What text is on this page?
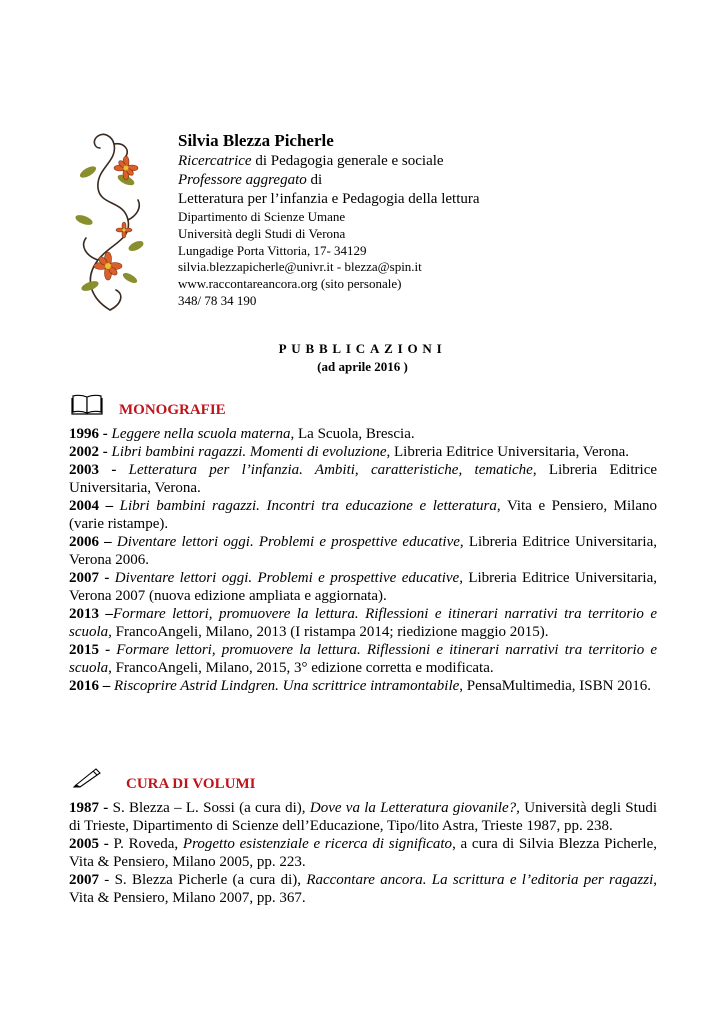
Silvia Blezza Picherle
Ricercatrice di Pedagogia generale e sociale
Professore aggregato di
Letteratura per l’infanzia e Pedagogia della lettura
Dipartimento di Scienze Umane
Università degli Studi di Verona
Lungadige Porta Vittoria, 17- 34129
silvia.blezzapicherle@univr.it - blezza@spin.it
www.raccontareancora.org (sito personale)
348/ 78 34 190
PUBBLICAZIONI
(ad aprile 2016 )
MONOGRAFIE
1996 - Leggere nella scuola materna, La Scuola, Brescia.
2002 - Libri bambini ragazzi. Momenti di evoluzione, Libreria Editrice Universitaria, Verona.
2003 - Letteratura per l’infanzia. Ambiti, caratteristiche, tematiche, Libreria Editrice Universitaria, Verona.
2004 – Libri bambini ragazzi. Incontri tra educazione e letteratura, Vita e Pensiero, Milano (varie ristampe).
2006 – Diventare lettori oggi. Problemi e prospettive educative, Libreria Editrice Universitaria, Verona 2006.
2007 - Diventare lettori oggi. Problemi e prospettive educative, Libreria Editrice Universitaria, Verona 2007 (nuova edizione ampliata e aggiornata).
2013 –Formare lettori, promuovere la lettura. Riflessioni e itinerari narrativi tra territorio e scuola, FrancoAngeli, Milano, 2013 (I ristampa 2014; riedizione maggio 2015).
2015 - Formare lettori, promuovere la lettura. Riflessioni e itinerari narrativi tra territorio e scuola, FrancoAngeli, Milano, 2015, 3° edizione corretta e modificata.
2016 – Riscoprire Astrid Lindgren. Una scrittrice intramontabile, PensaMultimedia, ISBN 2016.
CURA DI VOLUMI
1987 - S. Blezza – L. Sossi (a cura di), Dove va la Letteratura giovanile?, Università degli Studi di Trieste, Dipartimento di Scienze dell’Educazione, Tipo/lito Astra, Trieste 1987, pp. 238.
2005 - P. Roveda, Progetto esistenziale e ricerca di significato, a cura di Silvia Blezza Picherle, Vita & Pensiero, Milano 2005, pp. 223.
2007 - S. Blezza Picherle (a cura di), Raccontare ancora. La scrittura e l’editoria per ragazzi, Vita & Pensiero, Milano 2007, pp. 367.
